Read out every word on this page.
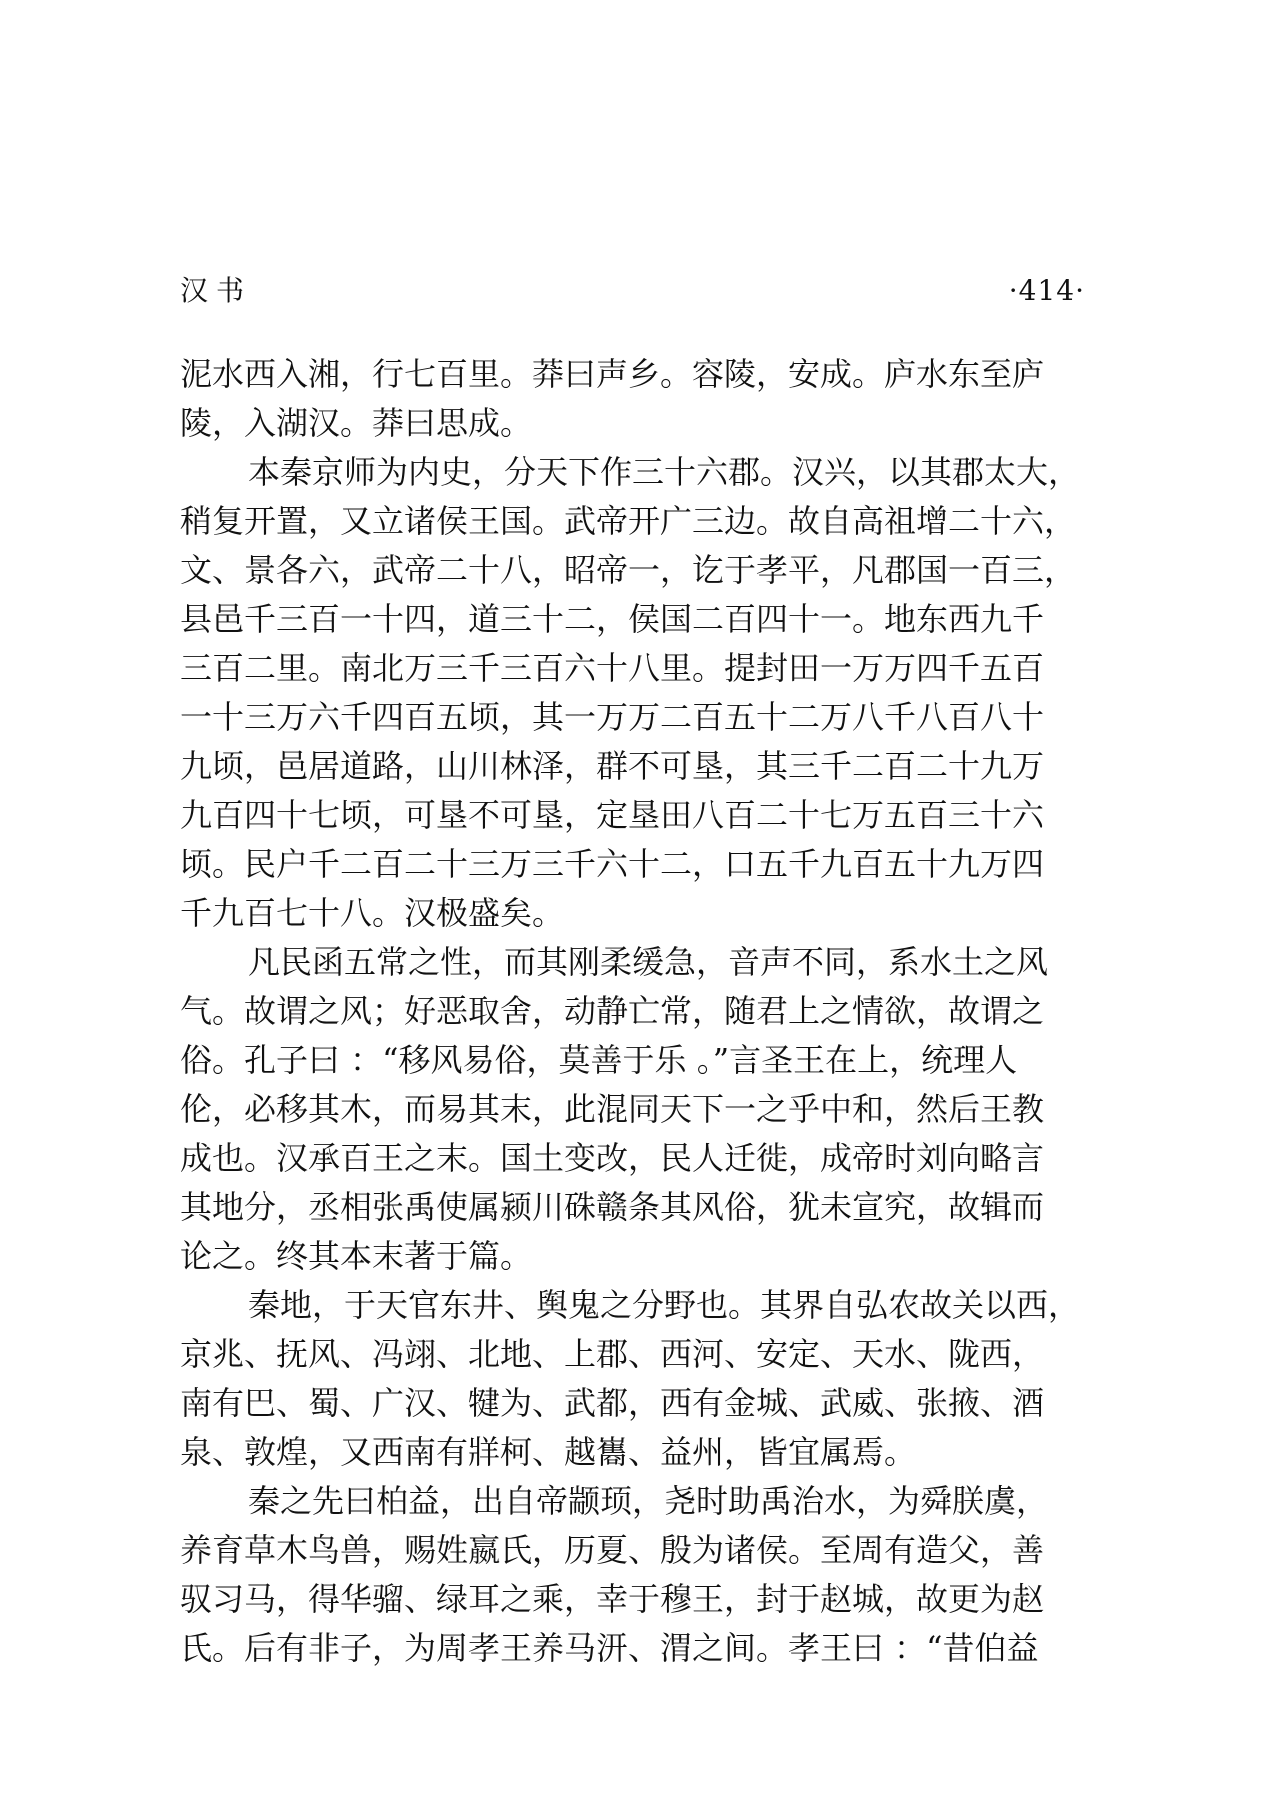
汉书	·414·
泥水西入湘，行七百里。莽曰声乡。容陵，安成。庐水东至庐
陵，入湖汉。莽曰思成。
本秦京师为内史，分天下作三十六郡。汉兴，以其郡太大，
稍复开置，又立诸侯王国。武帝开广三边。故自高祖增二十六，
文、景各六，武帝二十八，昭帝一，讫于孝平，凡郡国一百三，
县邑千三百一十四，道三十二，侯国二百四十一。地东西九千
三百二里。南北万三千三百六十八里。提封田一万万四千五百
一十三万六千四百五顷，其一万万二百五十二万八千八百八十
九顷，邑居道路，山川林泽，群不可垦，其三千二百二十九万
九百四十七顷，可垦不可垦，定垦田八百二十七万五百三十六
顷。民户千二百二十三万三千六十二，口五千九百五十九万四
千九百七十八。汉极盛矣。
凡民函五常之性，而其刚柔缓急，音声不同，系水土之风
气。故谓之风；好恶取舍，动静亡常，随君上之情欲，故谓之
俗。孔子曰 ：“移风易俗，莫善于乐 。”言圣王在上，统理人
伦，必移其木，而易其末，此混同天下一之乎中和，然后王教
成也。汉承百王之末。国土变改，民人迁徙，成帝时刘向略言
其地分，丞相张禹使属颍川硃赣条其风俗，犹未宣究，故辑而
论之。终其本末著于篇。
秦地，于天官东井、舆鬼之分野也。其界自弘农故关以西，
京兆、抚风、冯翊、北地、上郡、西河、安定、天水、陇西，
南有巴、蜀、广汉、犍为、武都，西有金城、武威、张掖、酒
泉、敦煌，又西南有牂柯、越巂、益州，皆宜属焉。
秦之先曰柏益，出自帝颛顼，尧时助禹治水，为舜朕虞，
养育草木鸟兽，赐姓嬴氏，历夏、殷为诸侯。至周有造父，善
驭习马，得华骝、绿耳之乘，幸于穆王，封于赵城，故更为赵
氏。后有非子，为周孝王养马汧、渭之间。孝王曰 ：“昔伯益
